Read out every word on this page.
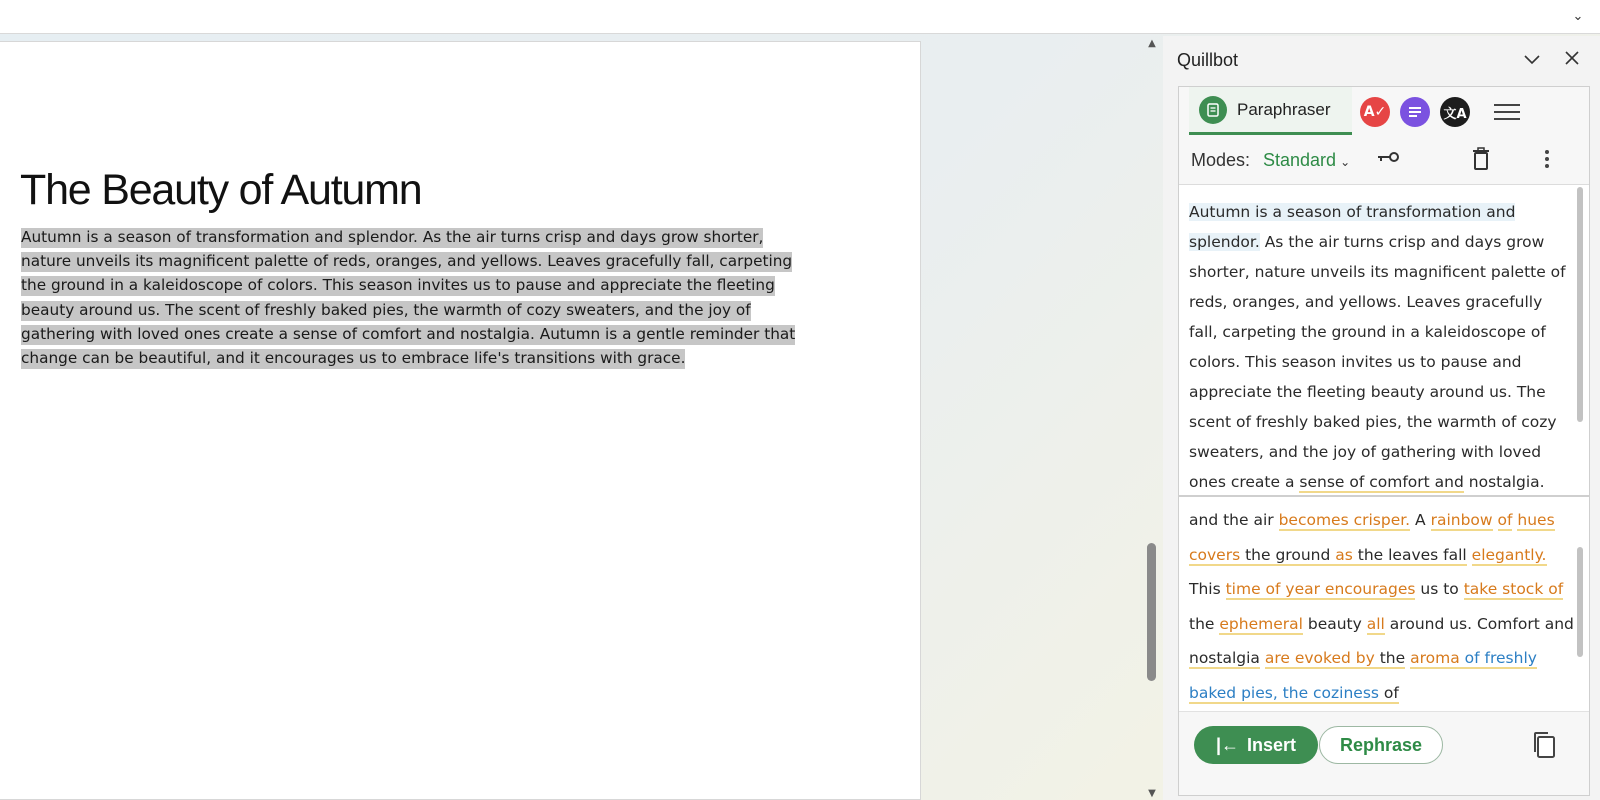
⌄
The Beauty of Autumn
Autumn is a season of transformation and splendor. As the air turns crisp and days grow shorter, nature unveils its magnificent palette of reds, oranges, and yellows. Leaves gracefully fall, carpeting the ground in a kaleidoscope of colors. This season invites us to pause and appreciate the fleeting beauty around us. The scent of freshly baked pies, the warmth of cozy sweaters, and the joy of gathering with loved ones create a sense of comfort and nostalgia. Autumn is a gentle reminder that change can be beautiful, and it encourages us to embrace life's transitions with grace.
▲
▼
Quillbot
Paraphraser A✓	文A
Modes: Standard ⌄
Autumn is a season of transformation and splendor. As the air turns crisp and days grow shorter, nature unveils its magnificent palette of reds, oranges, and yellows. Leaves gracefully fall, carpeting the ground in a kaleidoscope of colors. This season invites us to pause and appreciate the fleeting beauty around us. The scent of freshly baked pies, the warmth of cozy sweaters, and the joy of gathering with loved ones create a sense of comfort and nostalgia.
and the air becomes crisper. A rainbow of hues covers the ground as the leaves fall elegantly. This time of year encourages us to take stock of the ephemeral beauty all around us. Comfort and nostalgia are evoked by the aroma of freshly baked pies, the coziness of
|← Insert	Rephrase
